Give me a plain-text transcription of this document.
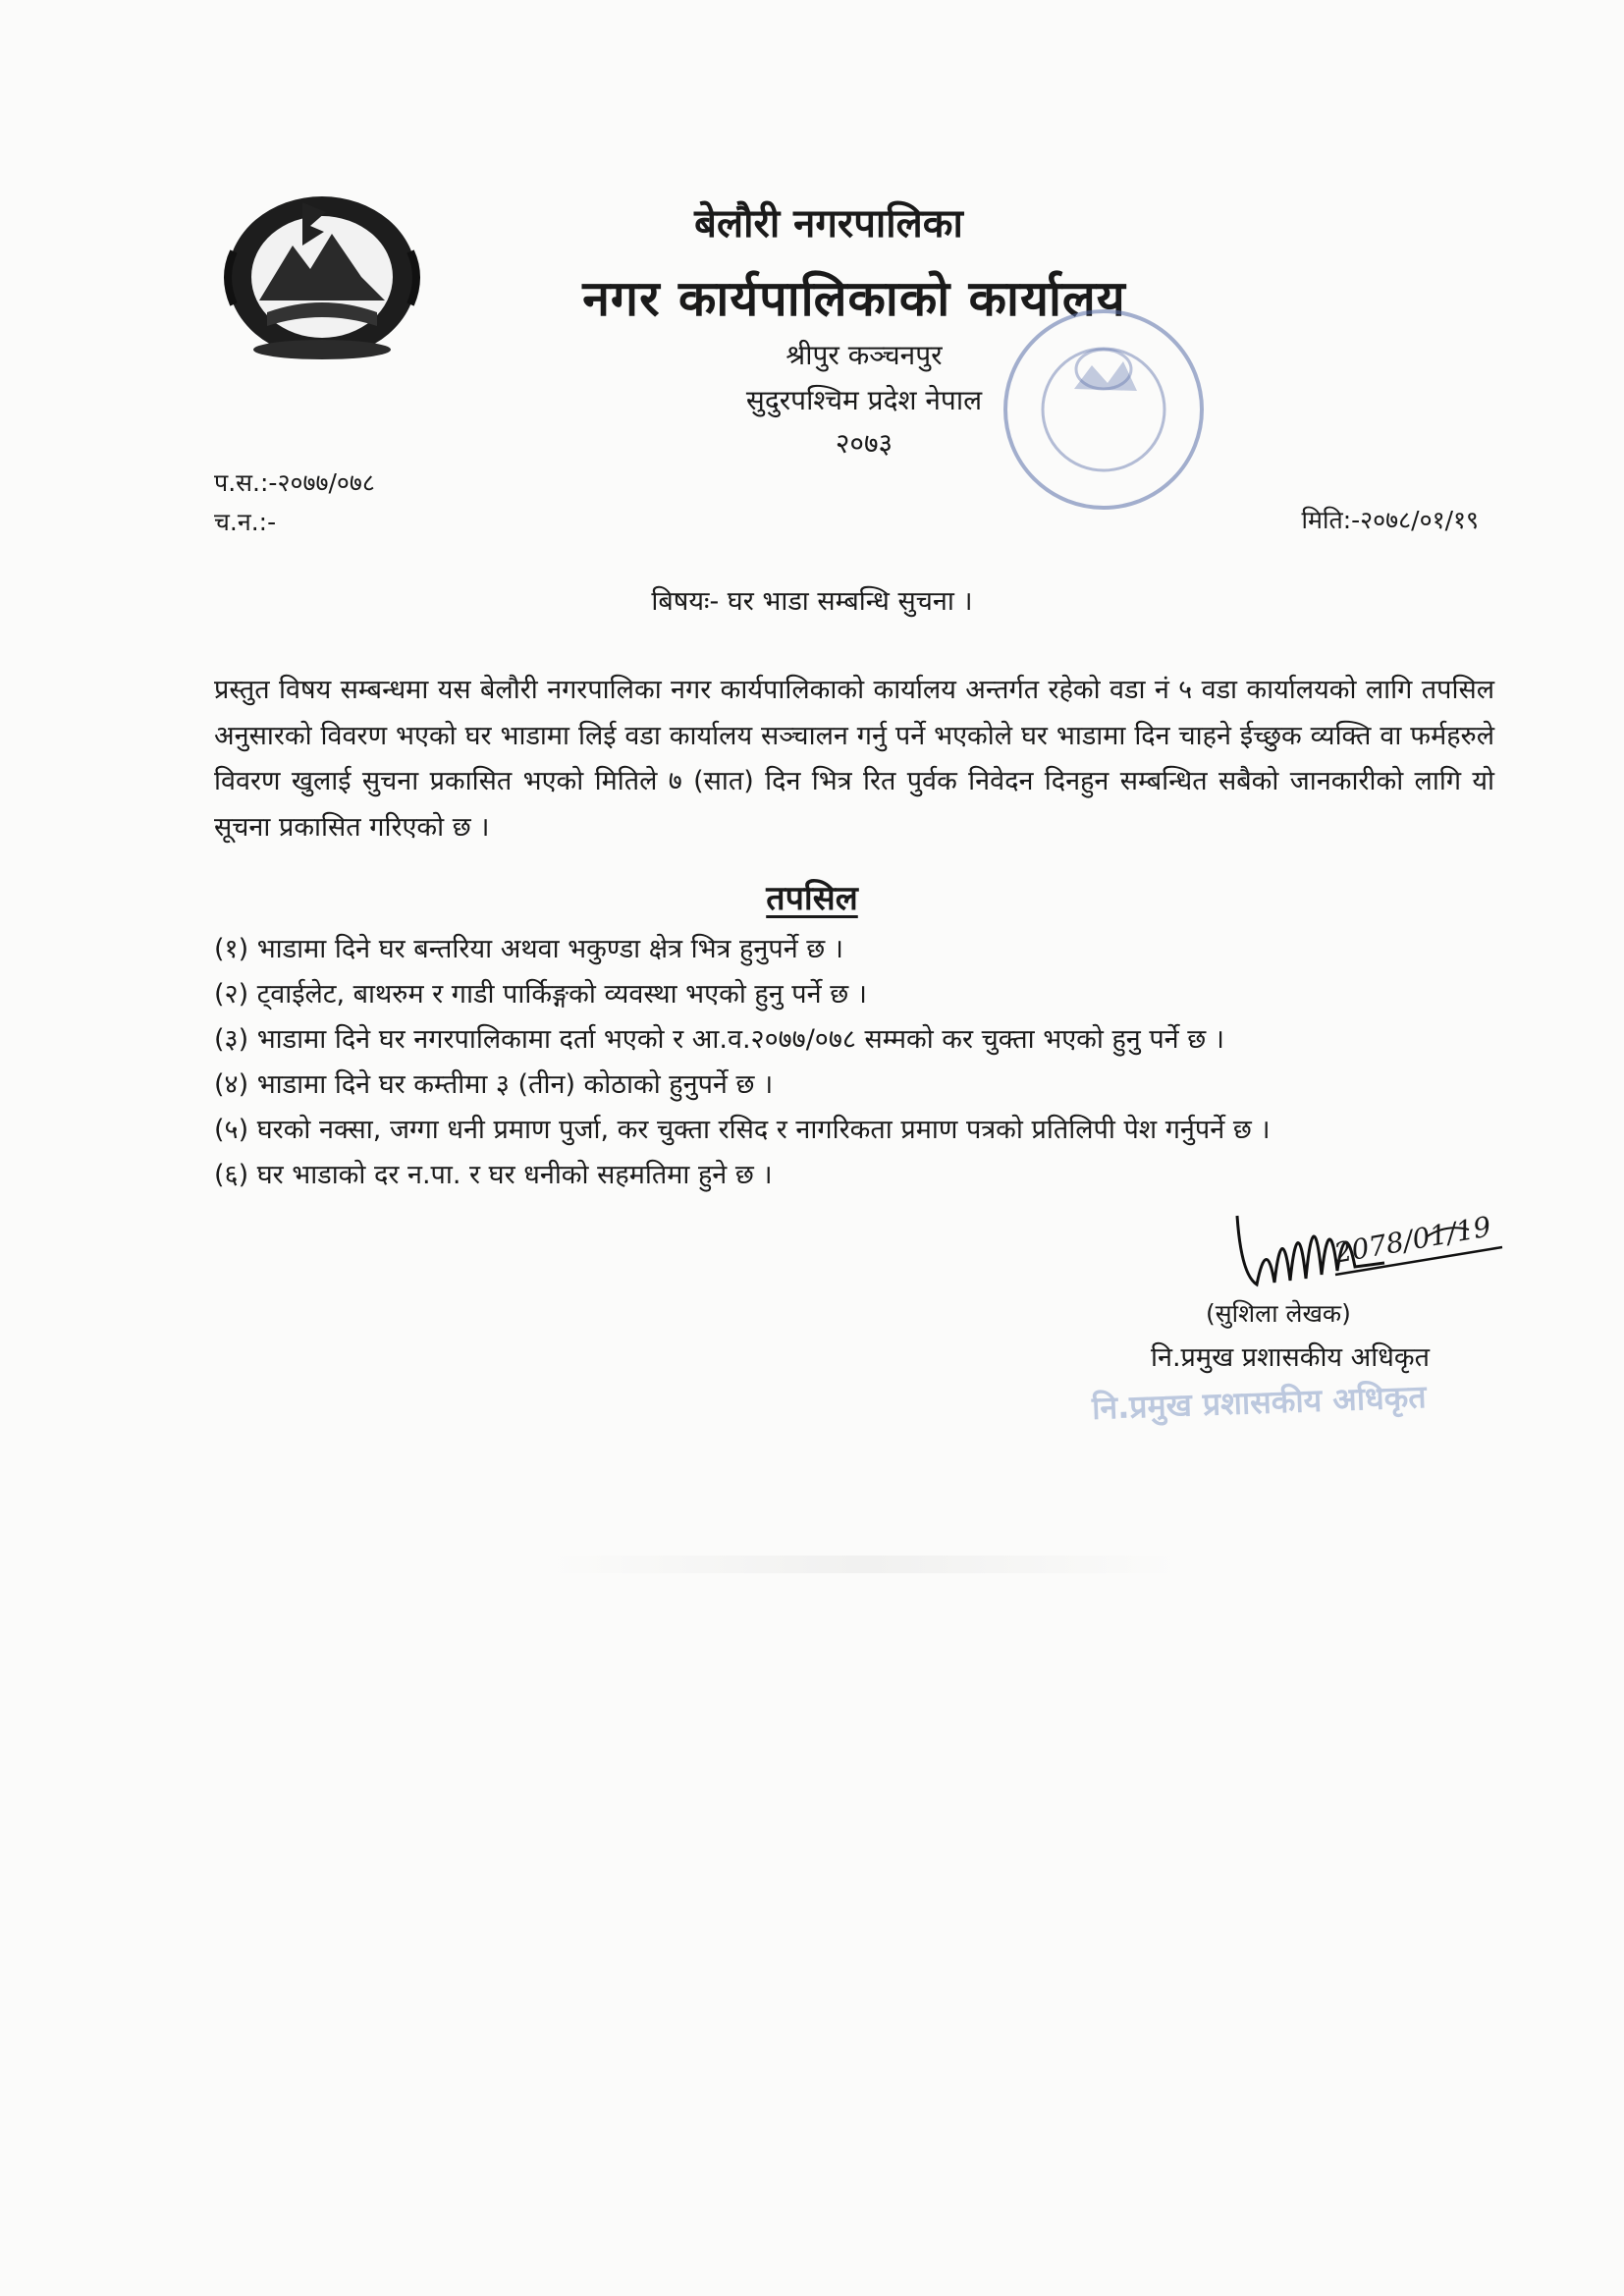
बेलौरी नगरपालिका
नगर कार्यपालिकाको कार्यालय
श्रीपुर कञ्चनपुर
सुदुरपश्चिम प्रदेश नेपाल
२०७३
प.स.:-२०७७/०७८
च.न.:-	मिति:-२०७८/०१/१९
बिषयः- घर भाडा सम्बन्धि सुचना ।
प्रस्तुत विषय सम्बन्धमा यस बेलौरी नगरपालिका नगर कार्यपालिकाको कार्यालय अन्तर्गत रहेको वडा नं ५ वडा कार्यालयको लागि तपसिल अनुसारको विवरण भएको घर भाडामा लिई वडा कार्यालय सञ्चालन गर्नु पर्ने भएकोले घर भाडामा दिन चाहने ईच्छुक व्यक्ति वा फर्महरुले विवरण खुलाई सुचना प्रकासित भएको मितिले ७ (सात) दिन भित्र रित पुर्वक निवेदन दिनहुन सम्बन्धित सबैको जानकारीको लागि यो सूचना प्रकासित गरिएको छ ।
तपसिल

(१) भाडामा दिने घर बन्तरिया अथवा भकुण्डा क्षेत्र भित्र हुनुपर्ने छ ।

(२) ट्वाईलेट, बाथरुम र गाडी पार्किङ्गको व्यवस्था भएको हुनु पर्ने छ ।

(३) भाडामा दिने घर नगरपालिकामा दर्ता भएको र आ.व.२०७७/०७८ सम्मको कर चुक्ता भएको हुनु पर्ने छ ।

(४) भाडामा दिने घर कम्तीमा ३ (तीन) कोठाको हुनुपर्ने छ ।

(५) घरको नक्सा, जग्गा धनी प्रमाण पुर्जा, कर चुक्ता रसिद र नागरिकता प्रमाण पत्रको प्रतिलिपी पेश गर्नुपर्ने छ ।

(६) घर भाडाको दर न.पा. र घर धनीको सहमतिमा हुने छ ।

2078/01/19
(सुशिला लेखक)
नि.प्रमुख प्रशासकीय अधिकृत
नि.प्रमुख प्रशासकीय अधिकृत
